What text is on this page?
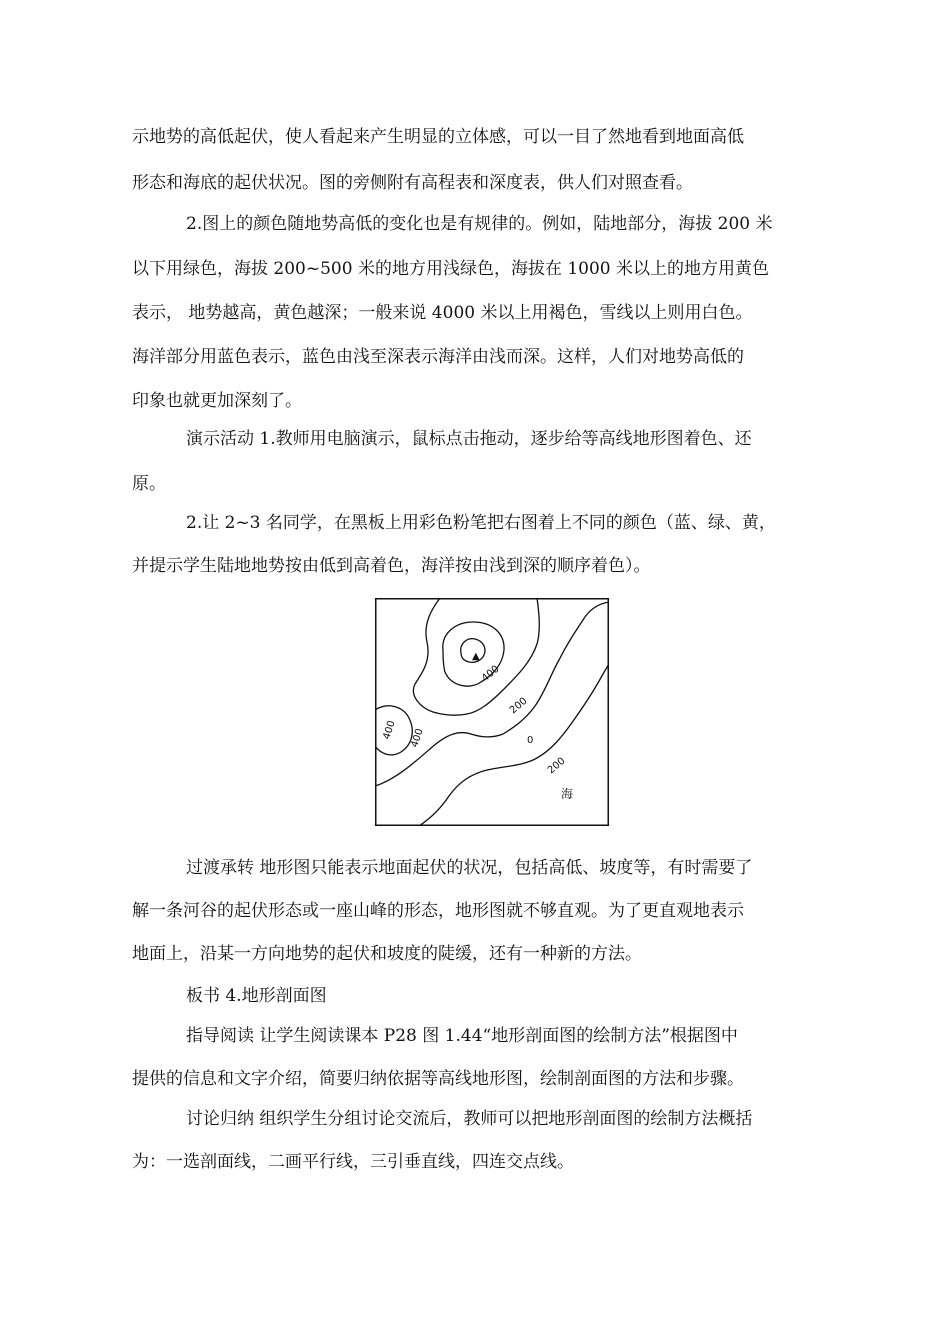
示地势的高低起伏，使人看起来产生明显的立体感，可以一目了然地看到地面高低
形态和海底的起伏状况。图的旁侧附有高程表和深度表，供人们对照查看。
2.图上的颜色随地势高低的变化也是有规律的。例如，陆地部分，海拔 200 米
以下用绿色，海拔 200~500 米的地方用浅绿色，海拔在 1000 米以上的地方用黄色
表示， 地势越高，黄色越深；一般来说 4000 米以上用褐色，雪线以上则用白色。
海洋部分用蓝色表示，蓝色由浅至深表示海洋由浅而深。这样，人们对地势高低的
印象也就更加深刻了。
演示活动 1.教师用电脑演示，鼠标点击拖动，逐步给等高线地形图着色、还
原。
2.让 2~3 名同学，在黑板上用彩色粉笔把右图着上不同的颜色（蓝、绿、黄，
并提示学生陆地地势按由低到高着色，海洋按由浅到深的顺序着色）。
▲
400
200
400 400	0
200
海
过渡承转 地形图只能表示地面起伏的状况，包括高低、坡度等，有时需要了
解一条河谷的起伏形态或一座山峰的形态，地形图就不够直观。为了更直观地表示
地面上，沿某一方向地势的起伏和坡度的陡缓，还有一种新的方法。
板书 4.地形剖面图
指导阅读 让学生阅读课本 P28 图 1.44“地形剖面图的绘制方法”根据图中
提供的信息和文字介绍，简要归纳依据等高线地形图，绘制剖面图的方法和步骤。
讨论归纳 组织学生分组讨论交流后，教师可以把地形剖面图的绘制方法概括
为：一选剖面线，二画平行线，三引垂直线，四连交点线。
